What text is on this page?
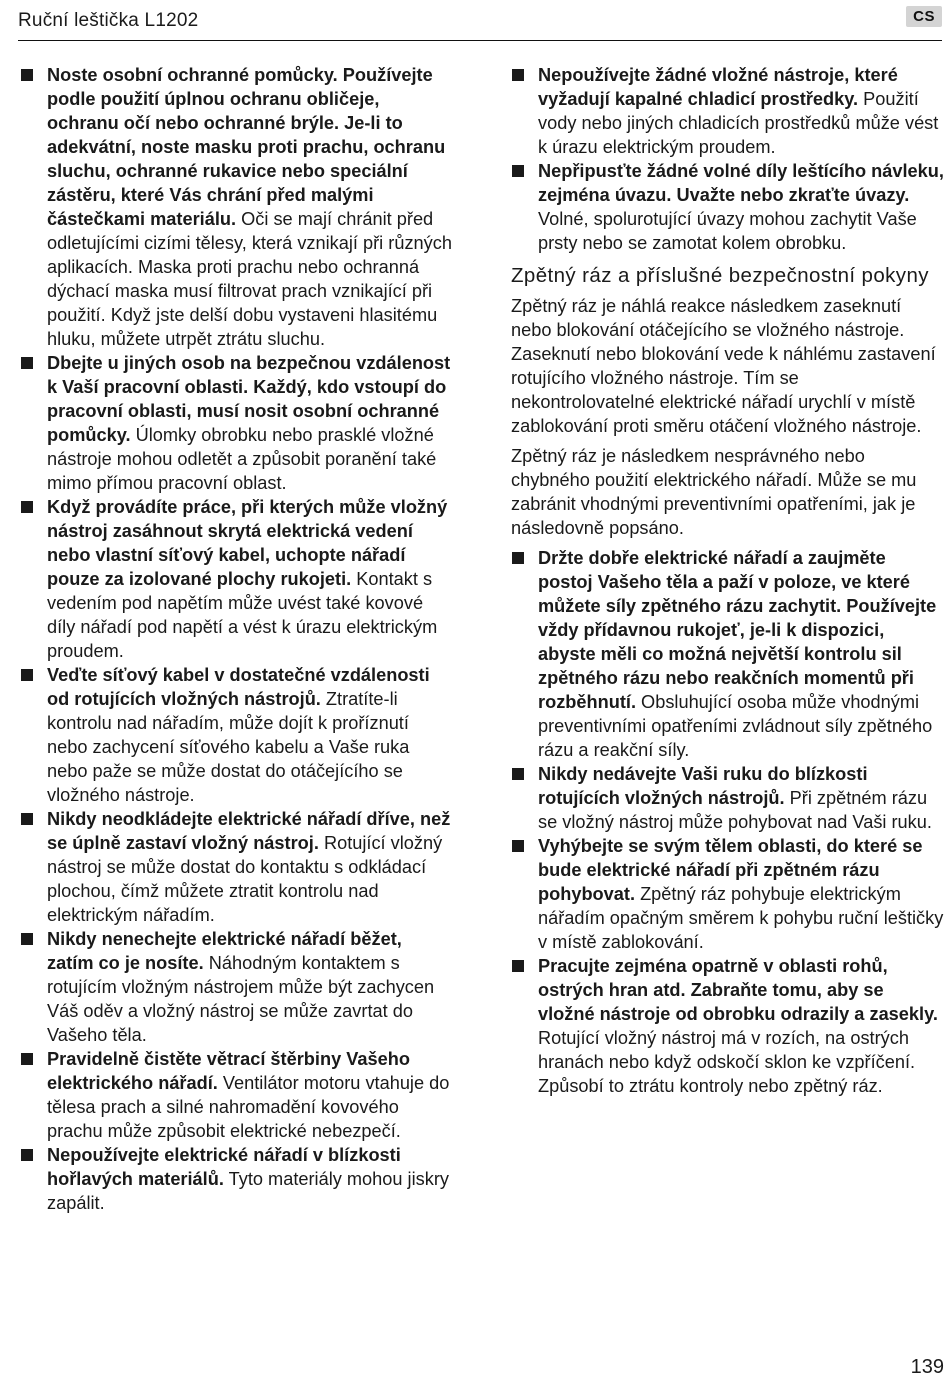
Ruční leštička L1202	CS

Noste osobní ochranné pomůcky. Používejte podle použití úplnou ochranu obličeje, ochranu očí nebo ochranné brýle. Je-li to adekvátní, noste masku proti prachu, ochranu sluchu, ochranné rukavice nebo speciální zástěru, které Vás chrání před malými částečkami materiálu. Oči se mají chránit před odletujícími cizími tělesy, která vznikají při různých aplikacích. Maska proti prachu nebo ochranná dýchací maska musí filtrovat prach vznikající při použití. Když jste delší dobu vystaveni hlasitému hluku, můžete utrpět ztrátu sluchu.

Dbejte u jiných osob na bezpečnou vzdálenost k Vaší pracovní oblasti. Každý, kdo vstoupí do pracovní oblasti, musí nosit osobní ochranné pomůcky. Úlomky obrobku nebo prasklé vložné nástroje mohou odletět a způsobit poranění také mimo přímou pracovní oblast.

Když provádíte práce, při kterých může vložný nástroj zasáhnout skrytá elektrická vedení nebo vlastní síťový kabel, uchopte nářadí pouze za izolované plochy rukojeti. Kontakt s vedením pod napětím může uvést také kovové díly nářadí pod napětí a vést k úrazu elektrickým proudem.

Veďte síťový kabel v dostatečné vzdálenosti od rotujících vložných nástrojů. Ztratíte-li kontrolu nad nářadím, může dojít k proříznutí nebo zachycení síťového kabelu a Vaše ruka nebo paže se může dostat do otáčejícího se vložného nástroje.

Nikdy neodkládejte elektrické nářadí dříve, než se úplně zastaví vložný nástroj. Rotující vložný nástroj se může dostat do kontaktu s odkládací plochou, čímž můžete ztratit kontrolu nad elektrickým nářadím.

Nikdy nenechejte elektrické nářadí běžet, zatím co je nosíte. Náhodným kontaktem s rotujícím vložným nástrojem může být zachycen Váš oděv a vložný nástroj se může zavrtat do Vašeho těla.

Pravidelně čistěte větrací štěrbiny Vašeho elektrického nářadí. Ventilátor motoru vtahuje do tělesa prach a silné nahromadění kovového prachu může způsobit elektrické nebezpečí.

Nepoužívejte elektrické nářadí v blízkosti hořlavých materiálů. Tyto materiály mohou jiskry zapálit.

Nepoužívejte žádné vložné nástroje, které vyžadují kapalné chladicí prostředky. Použití vody nebo jiných chladicích prostředků může vést k úrazu elektrickým proudem.

Nepřipusťte žádné volné díly leštícího návleku, zejména úvazu. Uvažte nebo zkraťte úvazy. Volné, spolurotující úvazy mohou zachytit Vaše prsty nebo se zamotat kolem obrobku.

Zpětný ráz a příslušné bezpečnostní pokyny

Zpětný ráz je náhlá reakce následkem zaseknutí nebo blokování otáčejícího se vložného nástroje. Zaseknutí nebo blokování vede k náhlému zastavení rotujícího vložného nástroje. Tím se nekontrolovatelné elektrické nářadí urychlí v místě zablokování proti směru otáčení vložného nástroje.

Zpětný ráz je následkem nesprávného nebo chybného použití elektrického nářadí. Může se mu zabránit vhodnými preventivními opatřeními, jak je následovně popsáno.

Držte dobře elektrické nářadí a zaujměte postoj Vašeho těla a paží v poloze, ve které můžete síly zpětného rázu zachytit. Používejte vždy přídavnou rukojeť, je-li k dispozici, abyste měli co možná největší kontrolu sil zpětného rázu nebo reakčních momentů při rozběhnutí. Obsluhující osoba může vhodnými preventivními opatřeními zvládnout síly zpětného rázu a reakční síly.

Nikdy nedávejte Vaši ruku do blízkosti rotujících vložných nástrojů. Při zpětném rázu se vložný nástroj může pohybovat nad Vaši ruku.

Vyhýbejte se svým tělem oblasti, do které se bude elektrické nářadí při zpětném rázu pohybovat. Zpětný ráz pohybuje elektrickým nářadím opačným směrem k pohybu ruční leštičky v místě zablokování.

Pracujte zejména opatrně v oblasti rohů, ostrých hran atd. Zabraňte tomu, aby se vložné nástroje od obrobku odrazily a zasekly. Rotující vložný nástroj má v rozích, na ostrých hranách nebo když odskočí sklon ke vzpříčení. Způsobí to ztrátu kontroly nebo zpětný ráz.

139
